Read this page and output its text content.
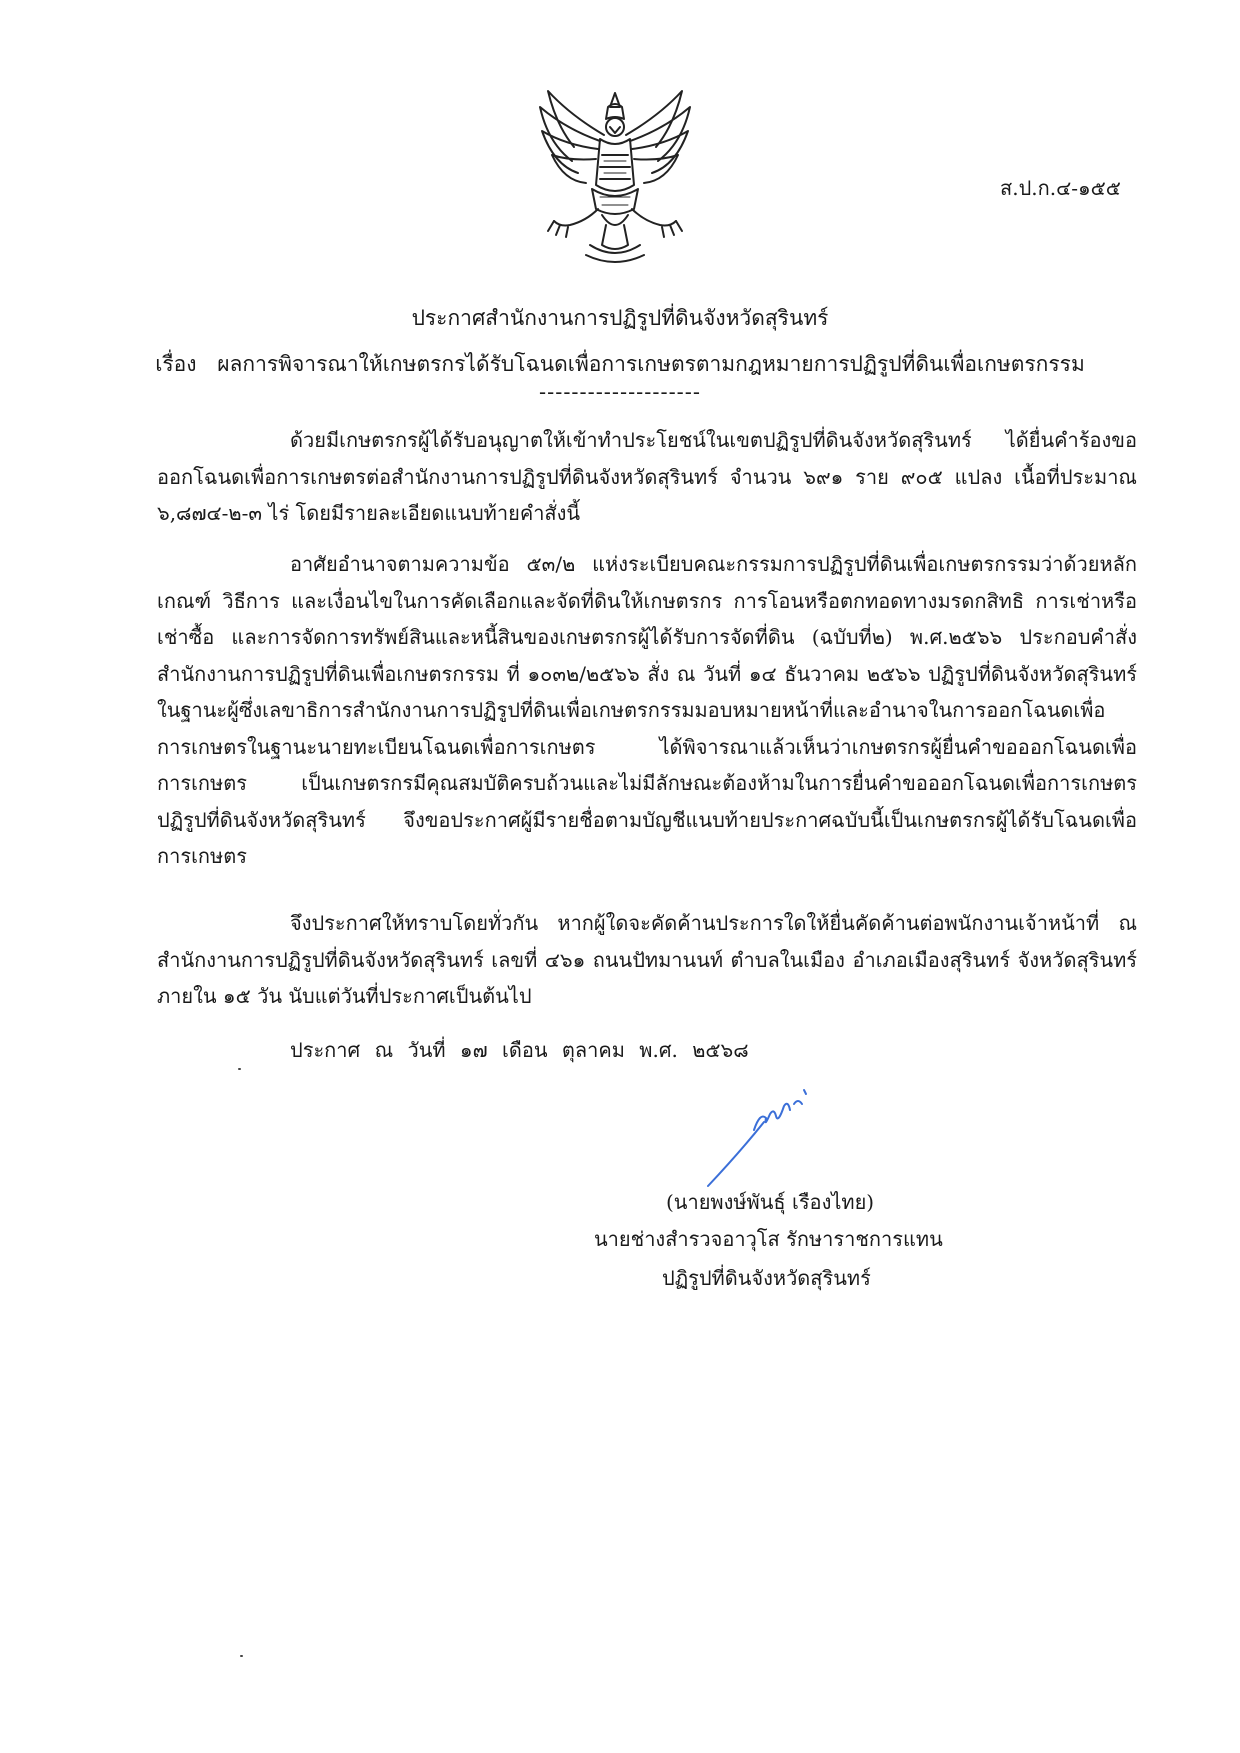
ส.ป.ก.๔-๑๕๕
ประกาศสำนักงานการปฏิรูปที่ดินจังหวัดสุรินทร์
เรื่อง ผลการพิจารณาให้เกษตรกรได้รับโฉนดเพื่อการเกษตรตามกฎหมายการปฏิรูปที่ดินเพื่อเกษตรกรรม
--------------------

ด้วยมีเกษตรกรผู้ได้รับอนุญาตให้เข้าทำประโยชน์ในเขตปฏิรูปที่ดินจังหวัดสุรินทร์ ได้ยื่นคำร้องขอออกโฉนดเพื่อการเกษตรต่อสำนักงานการปฏิรูปที่ดินจังหวัดสุรินทร์ จำนวน ๖๙๑ ราย ๙๐๕ แปลง เนื้อที่ประมาณ ๖,๘๗๔-๒-๓ ไร่ โดยมีรายละเอียดแนบท้ายคำสั่งนี้

อาศัยอำนาจตามความข้อ ๕๓/๒ แห่งระเบียบคณะกรรมการปฏิรูปที่ดินเพื่อเกษตรกรรมว่าด้วยหลักเกณฑ์ วิธีการ และเงื่อนไขในการคัดเลือกและจัดที่ดินให้เกษตรกร การโอนหรือตกทอดทางมรดกสิทธิ การเช่าหรือเช่าซื้อ และการจัดการทรัพย์สินและหนี้สินของเกษตรกรผู้ได้รับการจัดที่ดิน (ฉบับที่๒) พ.ศ.๒๕๖๖ ประกอบคำสั่งสำนักงานการปฏิรูปที่ดินเพื่อเกษตรกรรม ที่ ๑๐๓๒/๒๕๖๖ สั่ง ณ วันที่ ๑๔ ธันวาคม ๒๕๖๖ ปฏิรูปที่ดินจังหวัดสุรินทร์ ในฐานะผู้ซึ่งเลขาธิการสำนักงานการปฏิรูปที่ดินเพื่อเกษตรกรรมมอบหมายหน้าที่และอำนาจในการออกโฉนดเพื่อการเกษตรในฐานะนายทะเบียนโฉนดเพื่อการเกษตร ได้พิจารณาแล้วเห็นว่าเกษตรกรผู้ยื่นคำขอออกโฉนดเพื่อการเกษตร เป็นเกษตรกรมีคุณสมบัติครบถ้วนและไม่มีลักษณะต้องห้ามในการยื่นคำขอออกโฉนดเพื่อการเกษตร ปฏิรูปที่ดินจังหวัดสุรินทร์ จึงขอประกาศผู้มีรายชื่อตามบัญชีแนบท้ายประกาศฉบับนี้เป็นเกษตรกรผู้ได้รับโฉนดเพื่อการเกษตร

จึงประกาศให้ทราบโดยทั่วกัน หากผู้ใดจะคัดค้านประการใดให้ยื่นคัดค้านต่อพนักงานเจ้าหน้าที่ ณ สำนักงานการปฏิรูปที่ดินจังหวัดสุรินทร์ เลขที่ ๔๖๑ ถนนปัทมานนท์ ตำบลในเมือง อำเภอเมืองสุรินทร์ จังหวัดสุรินทร์ ภายใน ๑๕ วัน นับแต่วันที่ประกาศเป็นต้นไป

ประกาศ ณ วันที่ ๑๗ เดือน ตุลาคม พ.ศ. ๒๕๖๘
(นายพงษ์พันธุ์ เรืองไทย)
นายช่างสำรวจอาวุโส รักษาราชการแทน
ปฏิรูปที่ดินจังหวัดสุรินทร์
